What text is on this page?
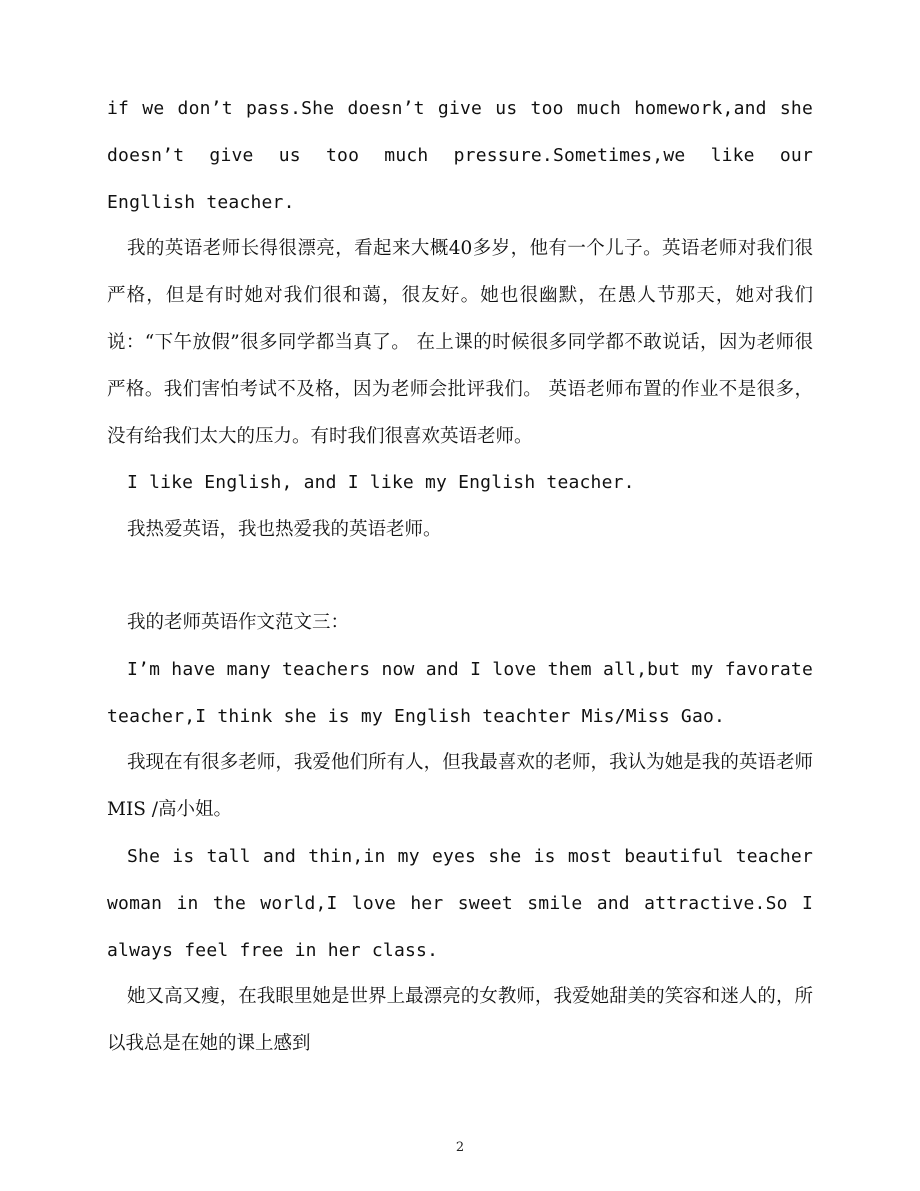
if we don’t pass.She doesn’t give us too much homework,and she doesn’t give us too much pressure.Sometimes,we like our Engllish teacher.

我的英语老师长得很漂亮，看起来大概40多岁，他有一个儿子。英语老师对我们很严格，但是有时她对我们很和蔼，很友好。她也很幽默，在愚人节那天，她对我们说：“下午放假”很多同学都当真了。 在上课的时候很多同学都不敢说话，因为老师很严格。我们害怕考试不及格，因为老师会批评我们。 英语老师布置的作业不是很多，没有给我们太大的压力。有时我们很喜欢英语老师。

I like English, and I like my English teacher.

我热爱英语，我也热爱我的英语老师。

我的老师英语作文范文三：

I’m have many teachers now and I love them all,but my favorate teacher,I think she is my English teachter Mis/Miss Gao.

我现在有很多老师，我爱他们所有人，但我最喜欢的老师，我认为她是我的英语老师MIS /高小姐。

She is tall and thin,in my eyes she is most beautiful teacher woman in the world,I love her sweet smile and attractive.So I always feel free in her class.

她又高又瘦，在我眼里她是世界上最漂亮的女教师，我爱她甜美的笑容和迷人的，所以我总是在她的课上感到

2
